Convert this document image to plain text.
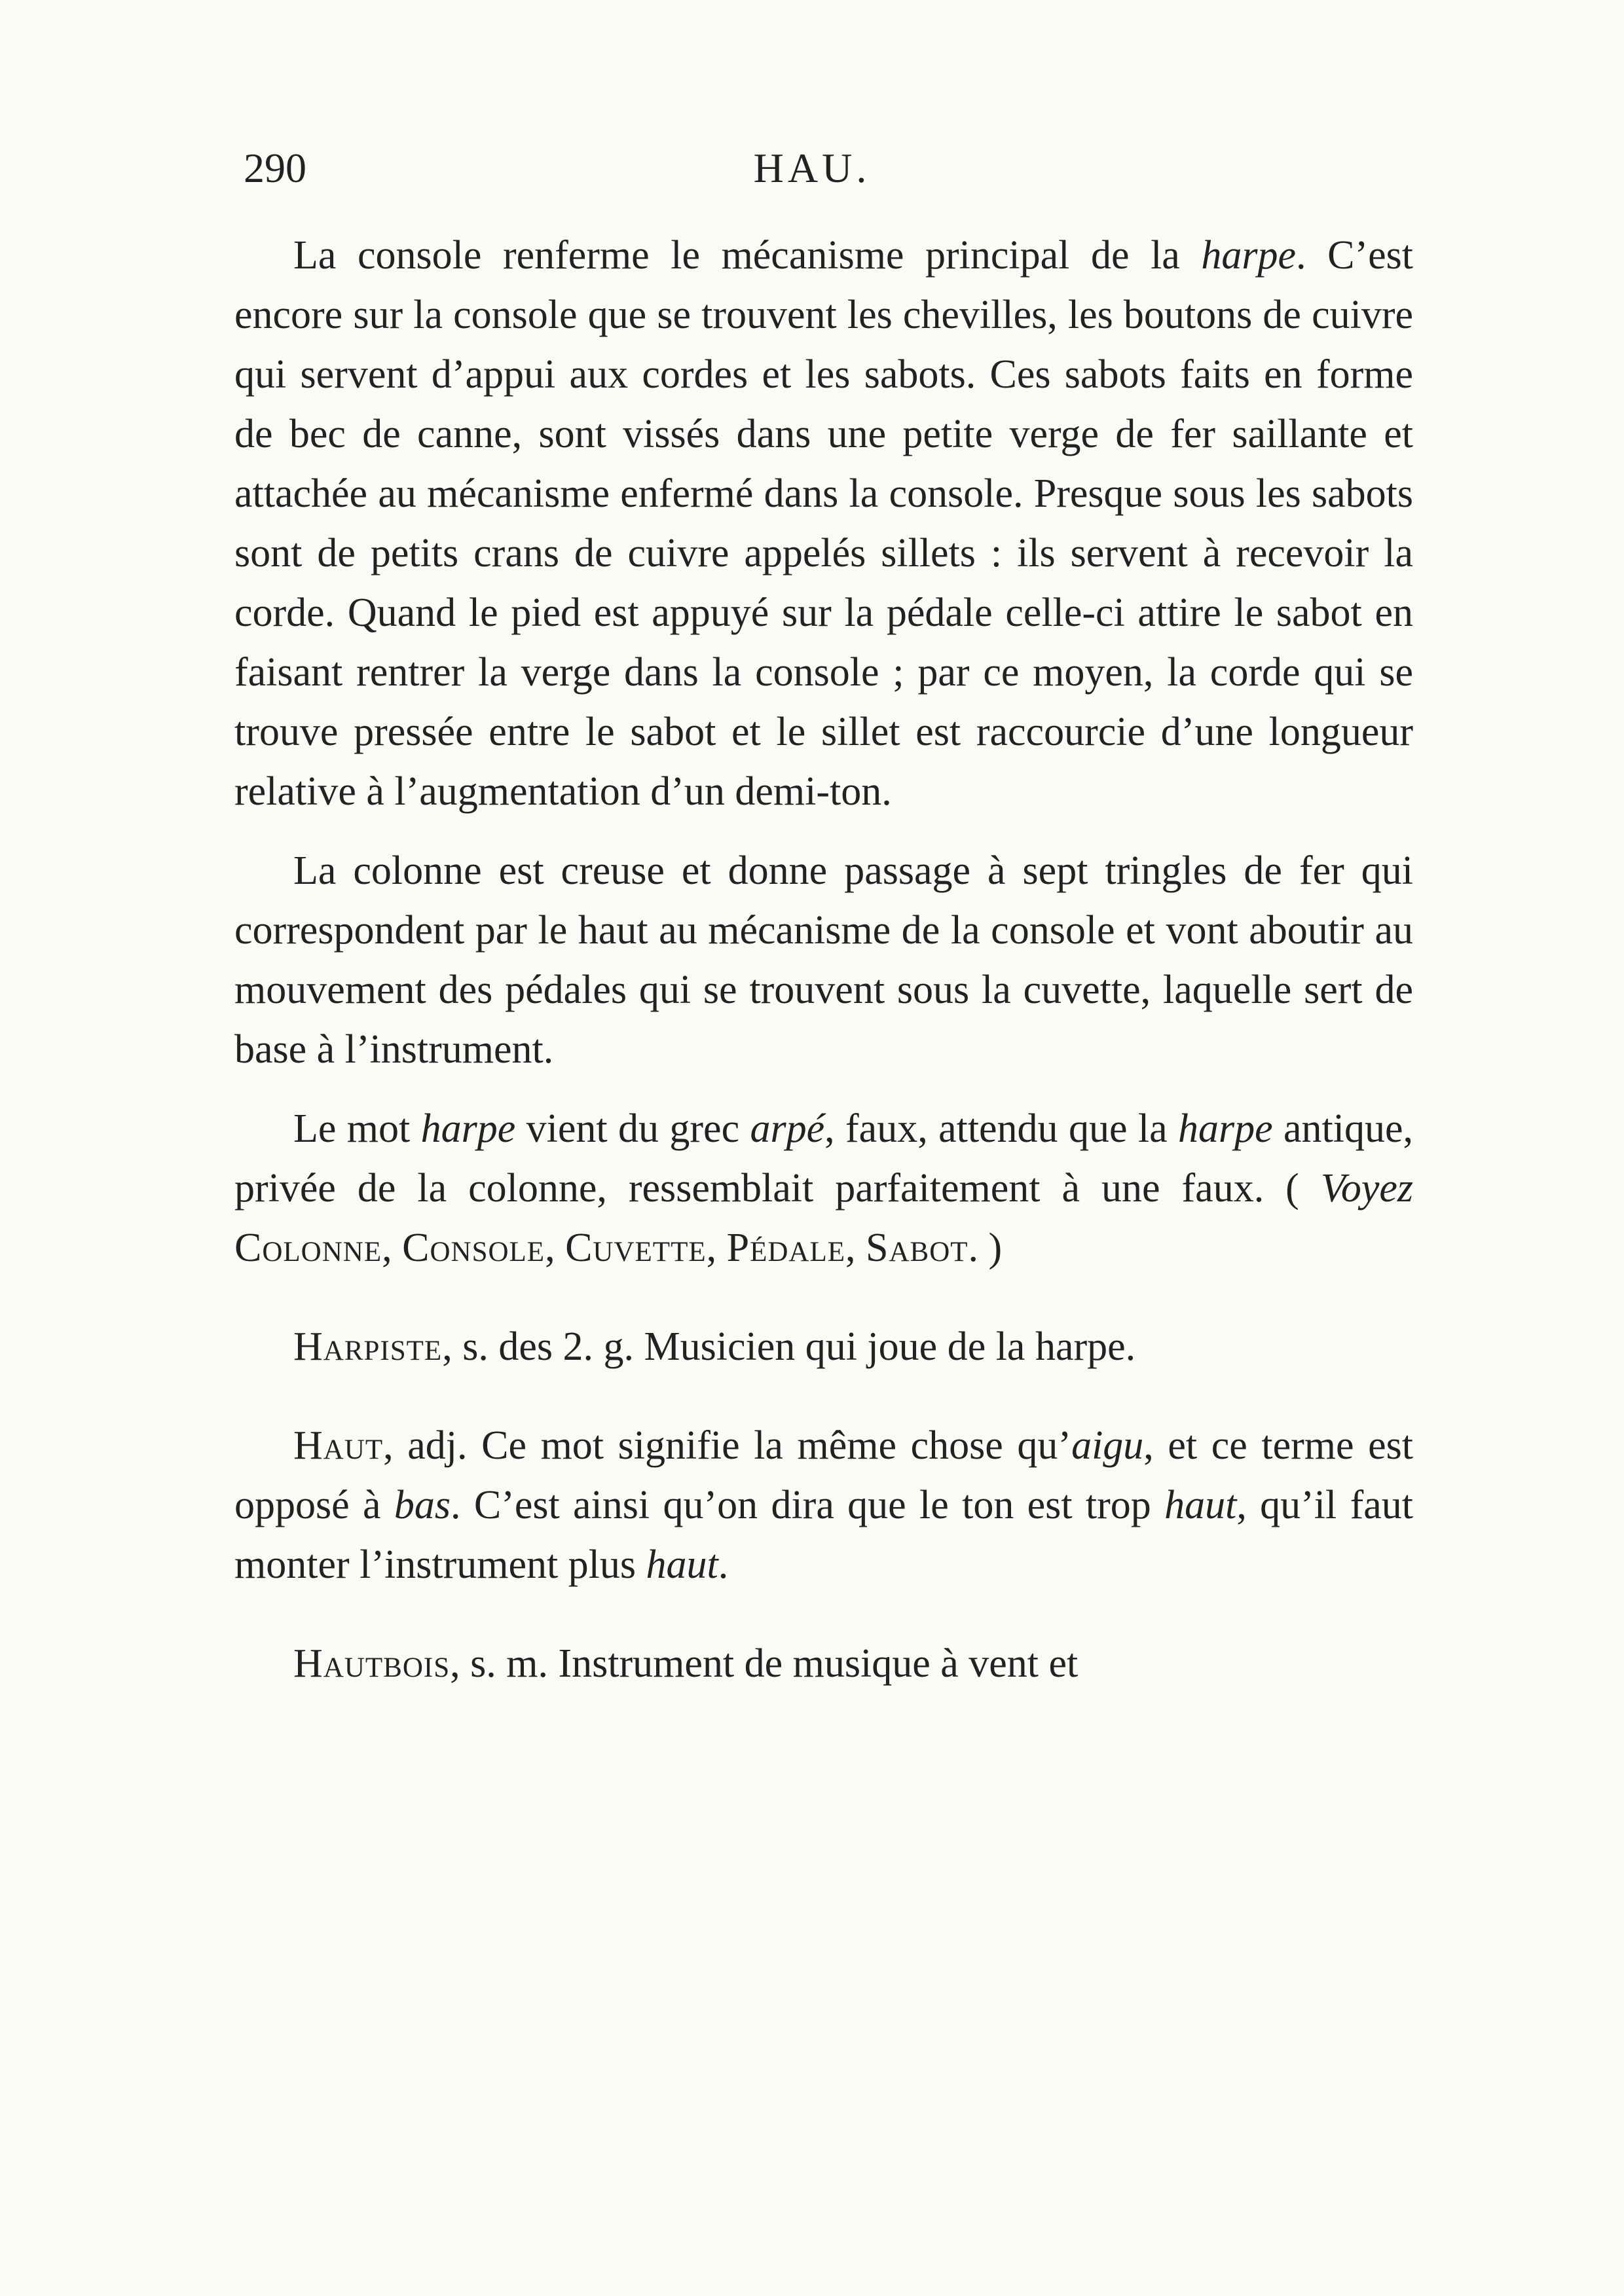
290	HAU.

La console renferme le mécanisme principal de la harpe. C’est encore sur la console que se trouvent les chevilles, les boutons de cuivre qui servent d’appui aux cordes et les sabots. Ces sabots faits en forme de bec de canne, sont vissés dans une petite verge de fer saillante et attachée au mécanisme enfermé dans la console. Presque sous les sabots sont de petits crans de cuivre appelés sillets : ils servent à recevoir la corde. Quand le pied est appuyé sur la pédale celle-ci attire le sabot en faisant rentrer la verge dans la console ; par ce moyen, la corde qui se trouve pressée entre le sabot et le sillet est raccourcie d’une longueur relative à l’augmentation d’un demi-ton.

La colonne est creuse et donne passage à sept tringles de fer qui correspondent par le haut au mécanisme de la console et vont aboutir au mouvement des pédales qui se trouvent sous la cuvette, laquelle sert de base à l’instrument.

Le mot harpe vient du grec arpé, faux, attendu que la harpe antique, privée de la colonne, ressemblait parfaitement à une faux. ( Voyez Colonne, Console, Cuvette, Pédale, Sabot. )

Harpiste, s. des 2. g. Musicien qui joue de la harpe.

Haut, adj. Ce mot signifie la même chose qu’aigu, et ce terme est opposé à bas. C’est ainsi qu’on dira que le ton est trop haut, qu’il faut monter l’instrument plus haut.

Hautbois, s. m. Instrument de musique à vent et
